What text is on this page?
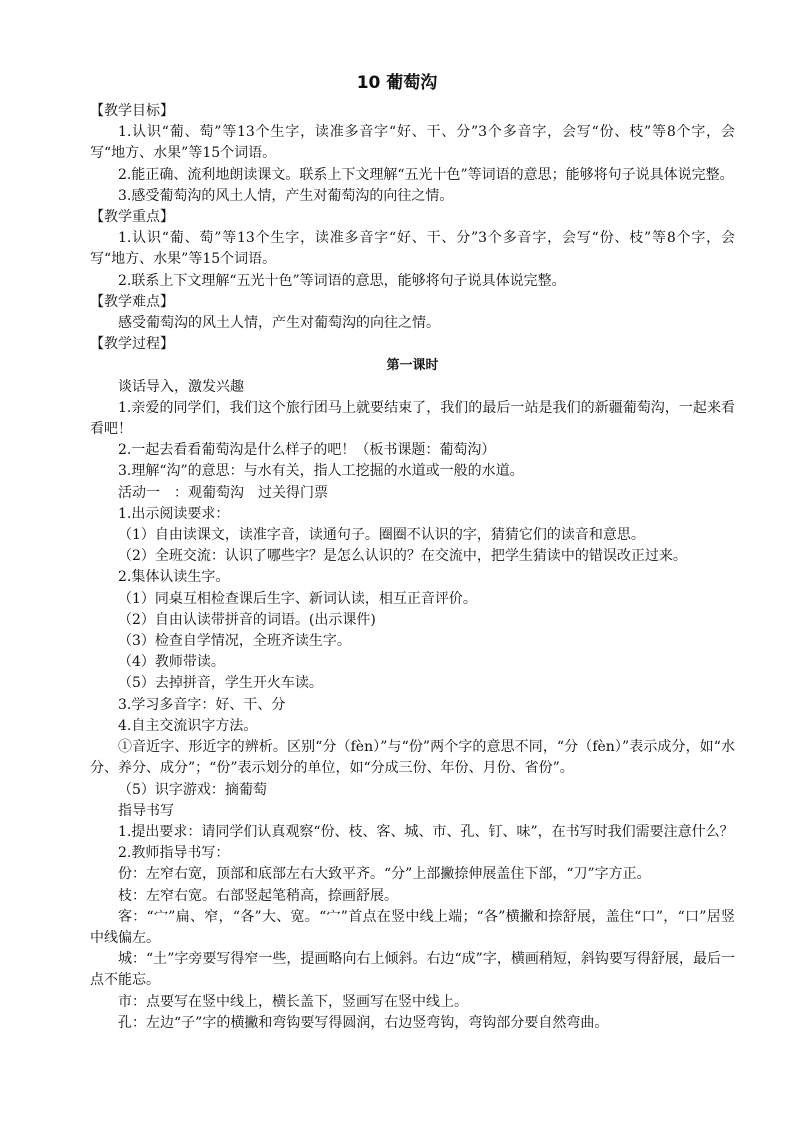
10 葡萄沟

【教学目标】

1.认识“葡、萄”等13个生字，读准多音字“好、干、分”3个多音字，会写“份、枝”等8个字，会写“地方、水果”等15个词语。

2.能正确、流利地朗读课文。联系上下文理解“五光十色”等词语的意思；能够将句子说具体说完整。

3.感受葡萄沟的风土人情，产生对葡萄沟的向往之情。

【教学重点】

1.认识“葡、萄”等13个生字，读准多音字“好、干、分”3个多音字，会写“份、枝”等8个字，会写“地方、水果”等15个词语。

2.联系上下文理解“五光十色”等词语的意思，能够将句子说具体说完整。

【教学难点】

感受葡萄沟的风土人情，产生对葡萄沟的向往之情。

【教学过程】

第一课时

谈话导入，激发兴趣

1.亲爱的同学们，我们这个旅行团马上就要结束了，我们的最后一站是我们的新疆葡萄沟，一起来看看吧！

2.一起去看看葡萄沟是什么样子的吧！（板书课题：葡萄沟）

3.理解“沟”的意思：与水有关，指人工挖掘的水道或一般的水道。

活动一　：观葡萄沟　过关得门票

1.出示阅读要求：

（1）自由读课文，读准字音，读通句子。圈圈不认识的字，猜猜它们的读音和意思。

（2）全班交流：认识了哪些字？是怎么认识的？在交流中，把学生猜读中的错误改正过来。

2.集体认读生字。

（1）同桌互相检查课后生字、新词认读，相互正音评价。

（2）自由认读带拼音的词语。(出示课件)

（3）检查自学情况，全班齐读生字。

（4）教师带读。

（5）去掉拼音，学生开火车读。

3.学习多音字：好、干、分

4.自主交流识字方法。

①音近字、形近字的辨析。区别“分（fèn）”与“份”两个字的意思不同，“分（fèn）”表示成分，如“水分、养分、成分”；“份”表示划分的单位，如“分成三份、年份、月份、省份”。

（5）识字游戏：摘葡萄

指导书写

1.提出要求：请同学们认真观察“份、枝、客、城、市、孔、钉、味”，在书写时我们需要注意什么？

2.教师指导书写：

份：左窄右宽，顶部和底部左右大致平齐。“分”上部撇捺伸展盖住下部，“刀”字方正。

枝：左窄右宽。右部竖起笔稍高，捺画舒展。

客：“宀”扁、窄，“各”大、宽。“宀”首点在竖中线上端；“各”横撇和捺舒展，盖住“口”，“口”居竖中线偏左。

城：“土”字旁要写得窄一些，提画略向右上倾斜。右边“成”字，横画稍短，斜钩要写得舒展，最后一点不能忘。

市：点要写在竖中线上，横长盖下，竖画写在竖中线上。

孔：左边“子”字的横撇和弯钩要写得圆润，右边竖弯钩，弯钩部分要自然弯曲。
